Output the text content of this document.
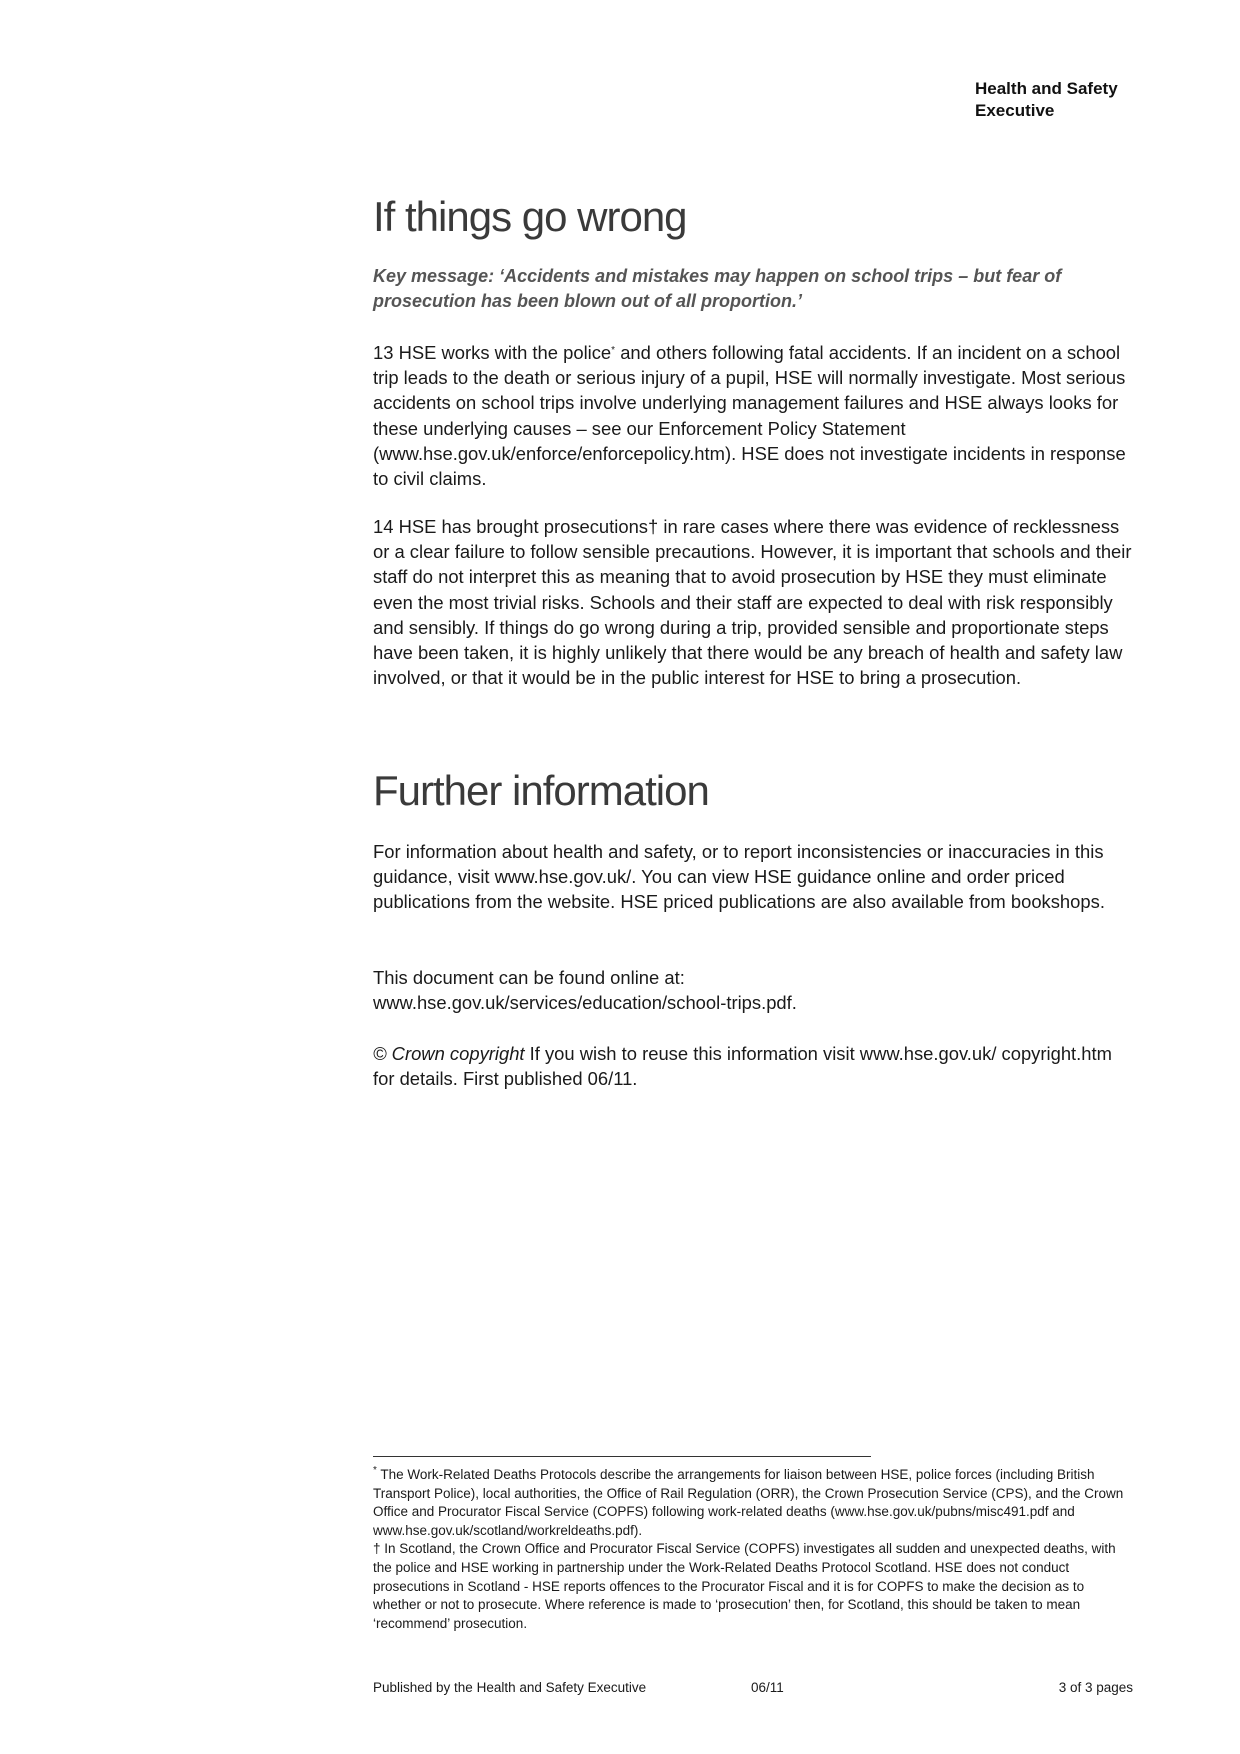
Health and Safety
Executive
If things go wrong

Key message: ‘Accidents and mistakes may happen on school trips – but fear of prosecution has been blown out of all proportion.’

13 HSE works with the police* and others following fatal accidents. If an incident on a school trip leads to the death or serious injury of a pupil, HSE will normally investigate. Most serious accidents on school trips involve underlying management failures and HSE always looks for these underlying causes – see our Enforcement Policy Statement (www.hse.gov.uk/enforce/enforcepolicy.htm). HSE does not investigate incidents in response to civil claims.

14 HSE has brought prosecutions† in rare cases where there was evidence of recklessness or a clear failure to follow sensible precautions. However, it is important that schools and their staff do not interpret this as meaning that to avoid prosecution by HSE they must eliminate even the most trivial risks. Schools and their staff are expected to deal with risk responsibly and sensibly. If things do go wrong during a trip, provided sensible and proportionate steps have been taken, it is highly unlikely that there would be any breach of health and safety law involved, or that it would be in the public interest for HSE to bring a prosecution.

Further information

For information about health and safety, or to report inconsistencies or inaccuracies in this guidance, visit www.hse.gov.uk/. You can view HSE guidance online and order priced publications from the website. HSE priced publications are also available from bookshops.

This document can be found online at:
www.hse.gov.uk/services/education/school-trips.pdf.

© Crown copyright If you wish to reuse this information visit www.hse.gov.uk/ copyright.htm for details. First published 06/11.

* The Work-Related Deaths Protocols describe the arrangements for liaison between HSE, police forces (including British Transport Police), local authorities, the Office of Rail Regulation (ORR), the Crown Prosecution Service (CPS), and the Crown Office and Procurator Fiscal Service (COPFS) following work-related deaths (www.hse.gov.uk/pubns/misc491.pdf and www.hse.gov.uk/scotland/workreldeaths.pdf).

† In Scotland, the Crown Office and Procurator Fiscal Service (COPFS) investigates all sudden and unexpected deaths, with the police and HSE working in partnership under the Work-Related Deaths Protocol Scotland. HSE does not conduct prosecutions in Scotland - HSE reports offences to the Procurator Fiscal and it is for COPFS to make the decision as to whether or not to prosecute. Where reference is made to ‘prosecution’ then, for Scotland, this should be taken to mean ‘recommend’ prosecution.

Published by the Health and Safety Executive	06/11	3 of 3 pages
